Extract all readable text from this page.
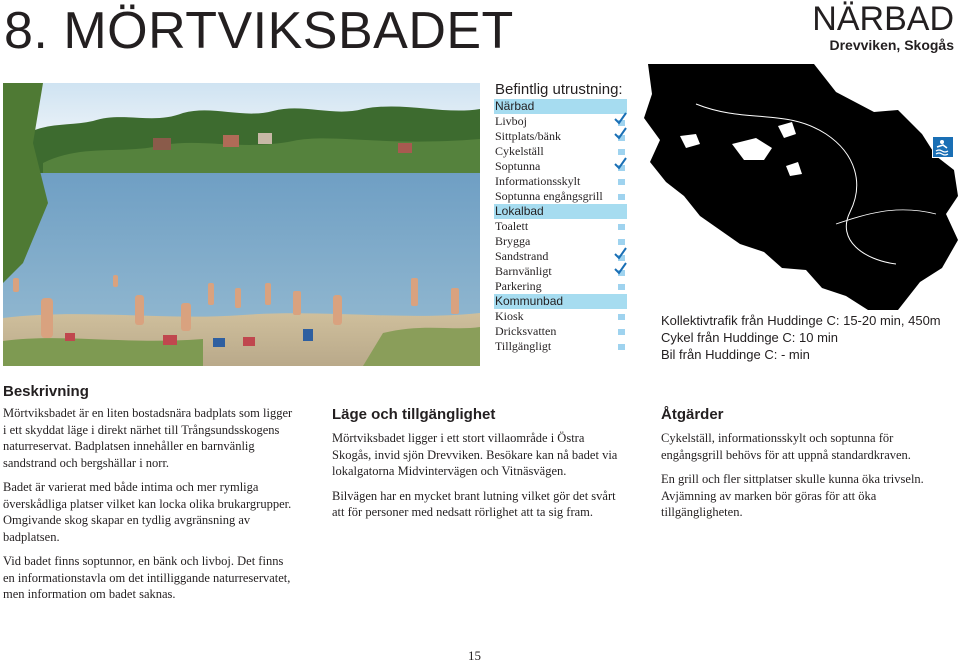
8. MÖRTVIKSBADET	NÄRBAD
Drevviken, Skogås
Befintlig utrustning:
Närbad
Livboj
Sittplats/bänk
Cykelställ
Soptunna
Informationsskylt
Soptunna engångsgrill
Lokalbad
Toalett
Brygga
Sandstrand
Barnvänligt
Parkering
Kommunbad
Kiosk
Dricksvatten
Tillgängligt
Kollektivtrafik från Huddinge C: 15-20 min, 450m
Cykel från Huddinge C: 10 min
Bil från Huddinge C: - min
Beskrivning

Mörtviksbadet är en liten bostadsnära badplats som ligger i ett skyddat läge i direkt närhet till Trångsundsskogens naturreservat. Badplatsen innehåller en barnvänlig sandstrand och bergshällar i norr.

Badet är varierat med både intima och mer rymliga överskådliga platser vilket kan locka olika brukargrupper. Omgivande skog skapar en tydlig avgränsning av badplatsen.

Vid badet finns soptunnor, en bänk och livboj. Det finns en informationstavla om det intilliggande naturreservatet, men information om badet saknas.

Läge och tillgänglighet

Mörtviksbadet ligger i ett stort villaområde i Östra Skogås, invid sjön Drevviken. Besökare kan nå badet via lokalgatorna Midvintervägen och Vitnäsvägen.

Bilvägen har en mycket brant lutning vilket gör det svårt att för personer med nedsatt rörlighet att ta sig fram.

Åtgärder

Cykelställ, informationsskylt och soptunna för engångsgrill behövs för att uppnå standardkraven.

En grill och fler sittplatser skulle kunna öka trivseln. Avjämning av marken bör göras för att öka tillgängligheten.

15
